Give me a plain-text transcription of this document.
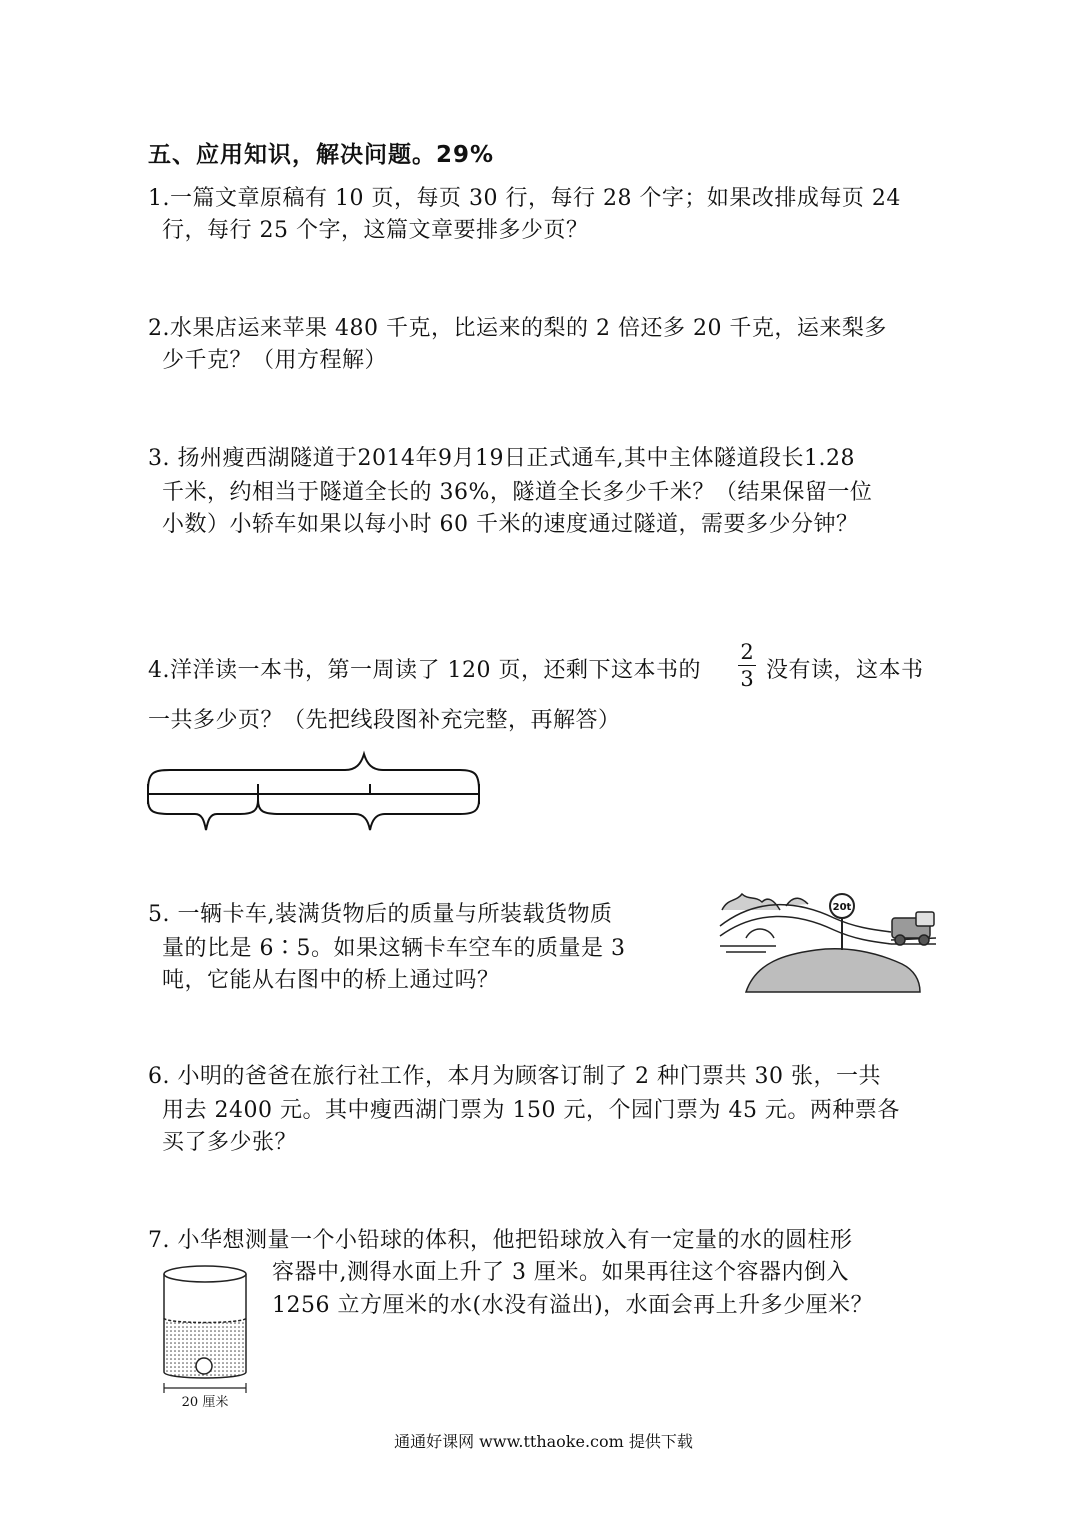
五、应用知识，解决问题。29%
1.一篇文章原稿有 10 页，每页 30 行，每行 28 个字；如果改排成每页 24
行，每行 25 个字，这篇文章要排多少页？
2.水果店运来苹果 480 千克，比运来的梨的 2 倍还多 20 千克，运来梨多
少千克？（用方程解）
3. 扬州瘦西湖隧道于2014年9月19日正式通车,其中主体隧道段长1.28
千米，约相当于隧道全长的 36%，隧道全长多少千米？（结果保留一位
小数）小轿车如果以每小时 60 千米的速度通过隧道，需要多少分钟？
4.洋洋读一本书，第一周读了 120 页，还剩下这本书的
2
3 没有读，这本书
一共多少页？（先把线段图补充完整，再解答）
5. 一辆卡车,装满货物后的质量与所装载货物质
量的比是 6∶5。如果这辆卡车空车的质量是 3
吨，它能从右图中的桥上通过吗？
20t
6. 小明的爸爸在旅行社工作，本月为顾客订制了 2 种门票共 30 张，一共
用去 2400 元。其中瘦西湖门票为 150 元，个园门票为 45 元。两种票各
买了多少张？
7. 小华想测量一个小铅球的体积，他把铅球放入有一定量的水的圆柱形
容器中,测得水面上升了 3 厘米。如果再往这个容器内倒入
1256 立方厘米的水(水没有溢出)，水面会再上升多少厘米？
20 厘米
通通好课网 www.tthaoke.com 提供下载
